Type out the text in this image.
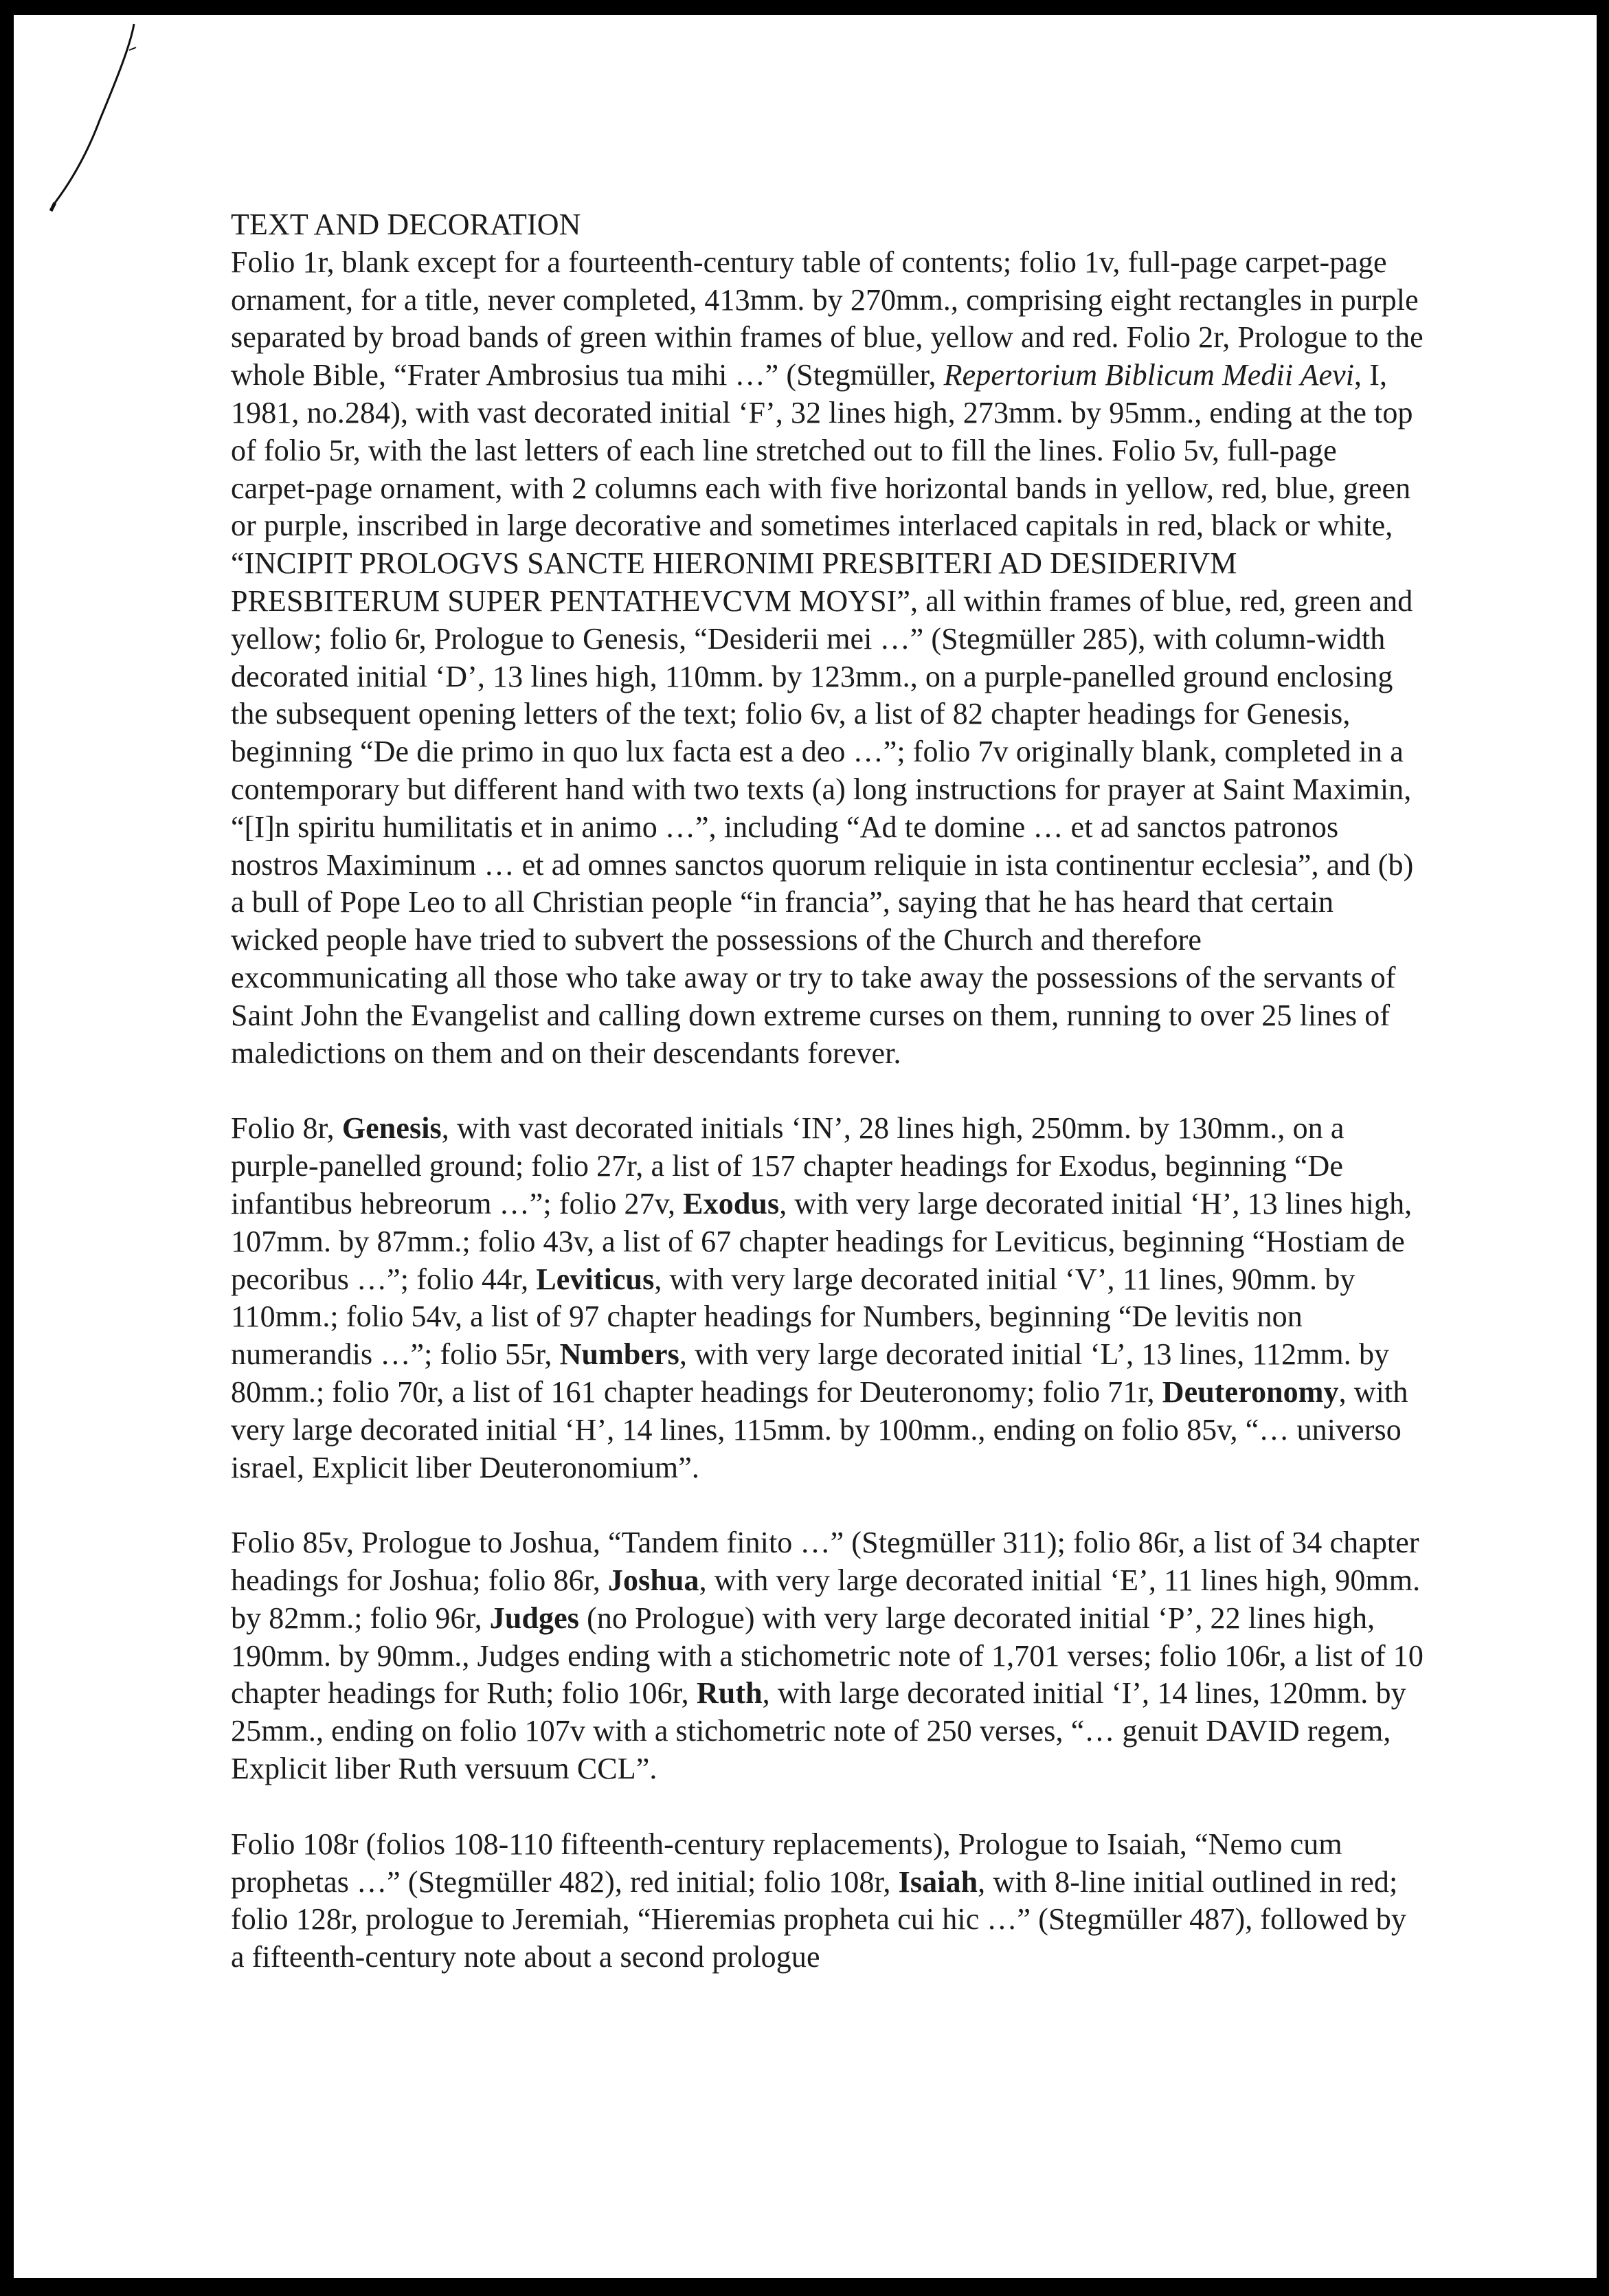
TEXT AND DECORATION

Folio 1r, blank except for a fourteenth-century table of contents; folio 1v, full-page carpet-page ornament, for a title, never completed, 413mm. by 270mm., comprising eight rectangles in purple separated by broad bands of green within frames of blue, yellow and red. Folio 2r, Prologue to the whole Bible, “Frater Ambrosius tua mihi …” (Stegmüller, Repertorium Biblicum Medii Aevi, I, 1981, no.284), with vast decorated initial ‘F’, 32 lines high, 273mm. by 95mm., ending at the top of folio 5r, with the last letters of each line stretched out to fill the lines. Folio 5v, full-page carpet-page ornament, with 2 columns each with five horizontal bands in yellow, red, blue, green or purple, inscribed in large decorative and sometimes interlaced capitals in red, black or white, “INCIPIT PROLOGVS SANCTE HIERONIMI PRESBITERI AD DESIDERIVM PRESBITERUM SUPER PENTATHEVCVM MOYSI”, all within frames of blue, red, green and yellow; folio 6r, Prologue to Genesis, “Desiderii mei …” (Stegmüller 285), with column-width decorated initial ‘D’, 13 lines high, 110mm. by 123mm., on a purple-panelled ground enclosing the subsequent opening letters of the text; folio 6v, a list of 82 chapter headings for Genesis, beginning “De die primo in quo lux facta est a deo …”; folio 7v originally blank, completed in a contemporary but different hand with two texts (a) long instructions for prayer at Saint Maximin, “[I]n spiritu humilitatis et in animo …”, including “Ad te domine … et ad sanctos patronos nostros Maximinum … et ad omnes sanctos quorum reliquie in ista continentur ecclesia”, and (b) a bull of Pope Leo to all Christian people “in francia”, saying that he has heard that certain wicked people have tried to subvert the possessions of the Church and therefore excommunicating all those who take away or try to take away the possessions of the servants of Saint John the Evangelist and calling down extreme curses on them, running to over 25 lines of maledictions on them and on their descendants forever.

Folio 8r, Genesis, with vast decorated initials ‘IN’, 28 lines high, 250mm. by 130mm., on a purple-panelled ground; folio 27r, a list of 157 chapter headings for Exodus, beginning “De infantibus hebreorum …”; folio 27v, Exodus, with very large decorated initial ‘H’, 13 lines high, 107mm. by 87mm.; folio 43v, a list of 67 chapter headings for Leviticus, beginning “Hostiam de pecoribus …”; folio 44r, Leviticus, with very large decorated initial ‘V’, 11 lines, 90mm. by 110mm.; folio 54v, a list of 97 chapter headings for Numbers, beginning “De levitis non numerandis …”; folio 55r, Numbers, with very large decorated initial ‘L’, 13 lines, 112mm. by 80mm.; folio 70r, a list of 161 chapter headings for Deuteronomy; folio 71r, Deuteronomy, with very large decorated initial ‘H’, 14 lines, 115mm. by 100mm., ending on folio 85v, “… universo israel, Explicit liber Deuteronomium”.

Folio 85v, Prologue to Joshua, “Tandem finito …” (Stegmüller 311); folio 86r, a list of 34 chapter headings for Joshua; folio 86r, Joshua, with very large decorated initial ‘E’, 11 lines high, 90mm. by 82mm.; folio 96r, Judges (no Prologue) with very large decorated initial ‘P’, 22 lines high, 190mm. by 90mm., Judges ending with a stichometric note of 1,701 verses; folio 106r, a list of 10 chapter headings for Ruth; folio 106r, Ruth, with large decorated initial ‘I’, 14 lines, 120mm. by 25mm., ending on folio 107v with a stichometric note of 250 verses, “… genuit DAVID regem, Explicit liber Ruth versuum CCL”.

Folio 108r (folios 108-110 fifteenth-century replacements), Prologue to Isaiah, “Nemo cum prophetas …” (Stegmüller 482), red initial; folio 108r, Isaiah, with 8-line initial outlined in red; folio 128r, prologue to Jeremiah, “Hieremias propheta cui hic …” (Stegmüller 487), followed by a fifteenth-century note about a second prologue
